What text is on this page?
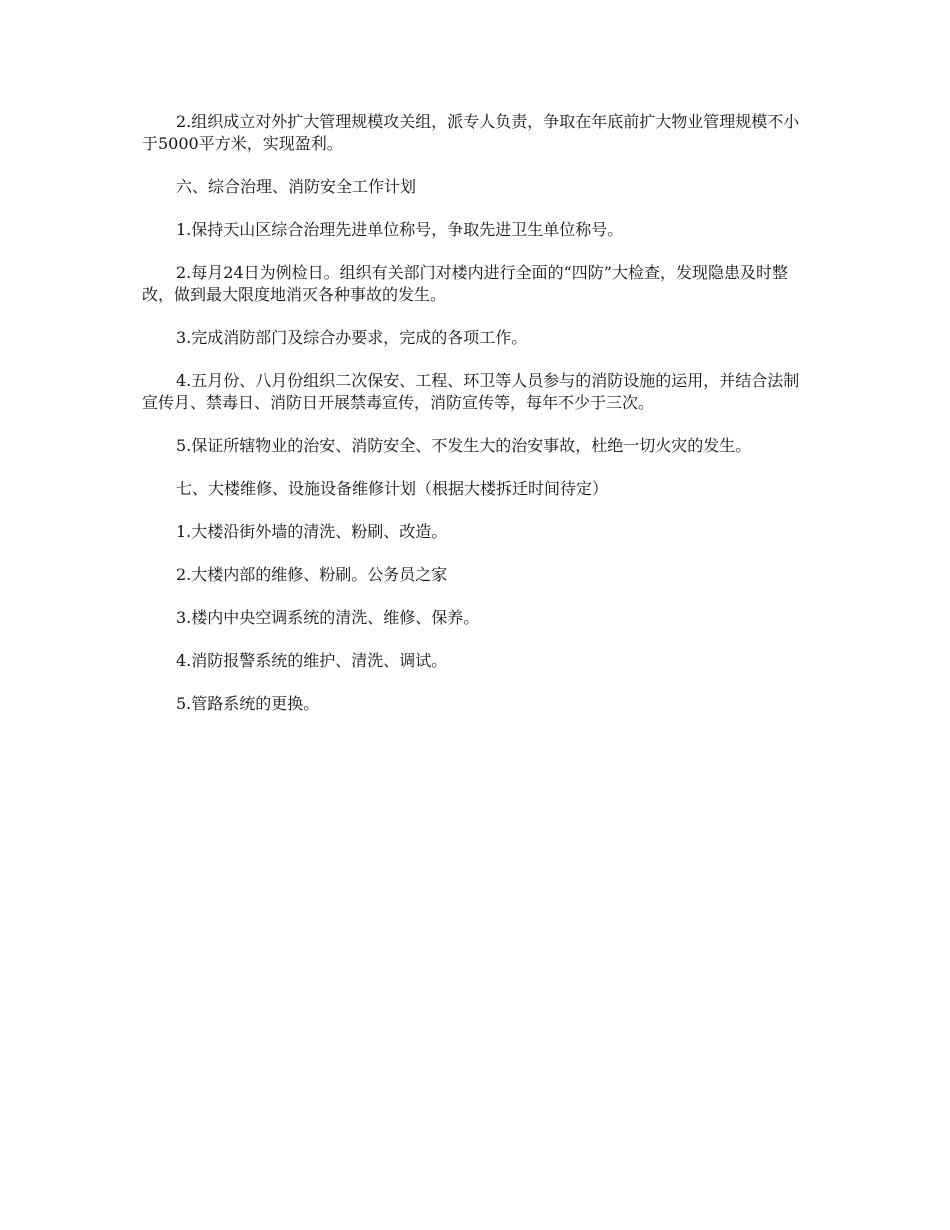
2.组织成立对外扩大管理规模攻关组，派专人负责，争取在年底前扩大物业管理规模不小于5000平方米，实现盈利。

六、综合治理、消防安全工作计划

1.保持天山区综合治理先进单位称号，争取先进卫生单位称号。

2.每月24日为例检日。组织有关部门对楼内进行全面的“四防”大检查，发现隐患及时整改，做到最大限度地消灭各种事故的发生。

3.完成消防部门及综合办要求，完成的各项工作。

4.五月份、八月份组织二次保安、工程、环卫等人员参与的消防设施的运用，并结合法制宣传月、禁毒日、消防日开展禁毒宣传，消防宣传等，每年不少于三次。

5.保证所辖物业的治安、消防安全、不发生大的治安事故，杜绝一切火灾的发生。

七、大楼维修、设施设备维修计划（根据大楼拆迁时间待定）

1.大楼沿街外墙的清洗、粉刷、改造。

2.大楼内部的维修、粉刷。公务员之家

3.楼内中央空调系统的清洗、维修、保养。

4.消防报警系统的维护、清洗、调试。

5.管路系统的更换。
